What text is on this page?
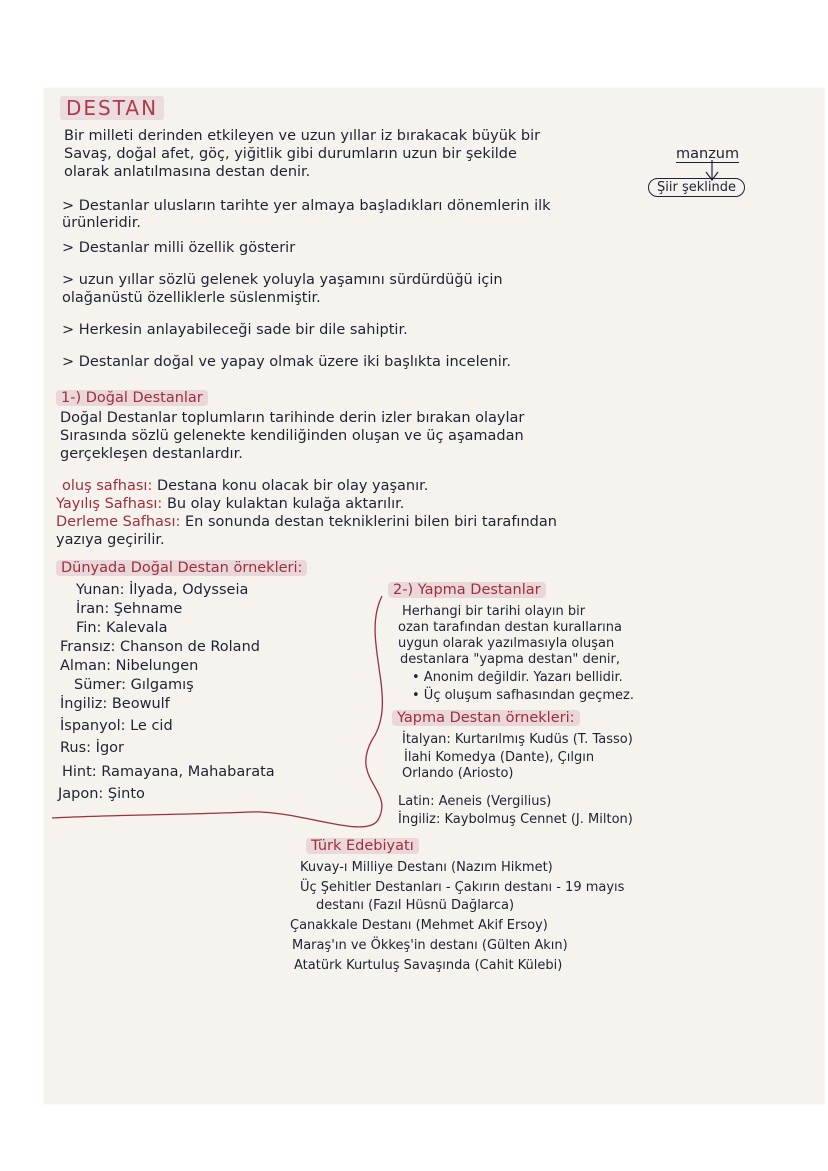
DESTAN
Bir milleti derinden etkileyen ve uzun yıllar iz bırakacak büyük bir
Savaş, doğal afet, göç, yiğitlik gibi durumların uzun bir şekilde	manzum
olarak anlatılmasına destan denir.
Şiir şeklinde
> Destanlar ulusların tarihte yer almaya başladıkları dönemlerin ilk
ürünleridir.
> Destanlar milli özellik gösterir
> uzun yıllar sözlü gelenek yoluyla yaşamını sürdürdüğü için
olağanüstü özelliklerle süslenmiştir.
> Herkesin anlayabileceği sade bir dile sahiptir.
> Destanlar doğal ve yapay olmak üzere iki başlıkta incelenir.
1-) Doğal Destanlar
Doğal Destanlar toplumların tarihinde derin izler bırakan olaylar
Sırasında sözlü gelenekte kendiliğinden oluşan ve üç aşamadan
gerçekleşen destanlardır.
oluş safhası: Destana konu olacak bir olay yaşanır.
Yayılış Safhası: Bu olay kulaktan kulağa aktarılır.
Derleme Safhası: En sonunda destan tekniklerini bilen biri tarafından
yazıya geçirilir.
Dünyada Doğal Destan örnekleri:
Yunan: İlyada, Odysseia
İran: Şehname
Fin: Kalevala
Fransız: Chanson de Roland
Alman: Nibelungen
Sümer: Gılgamış
İngiliz: Beowulf
İspanyol: Le cid
Rus: İgor
Hint: Ramayana, Mahabarata
Japon: Şinto
2-) Yapma Destanlar
Herhangi bir tarihi olayın bir
ozan tarafından destan kurallarına
uygun olarak yazılmasıyla oluşan
destanlara "yapma destan" denir,
• Anonim değildir. Yazarı bellidir.
• Üç oluşum safhasından geçmez.
Yapma Destan örnekleri:
İtalyan: Kurtarılmış Kudüs (T. Tasso)
İlahi Komedya (Dante), Çılgın
Orlando (Ariosto)
Latin: Aeneis (Vergilius)
İngiliz: Kaybolmuş Cennet (J. Milton)
Türk Edebiyatı
Kuvay-ı Milliye Destanı (Nazım Hikmet)
Üç Şehitler Destanları - Çakırın destanı - 19 mayıs
destanı (Fazıl Hüsnü Dağlarca)
Çanakkale Destanı (Mehmet Akif Ersoy)
Maraş'ın ve Ökkeş'in destanı (Gülten Akın)
Atatürk Kurtuluş Savaşında (Cahit Külebi)
